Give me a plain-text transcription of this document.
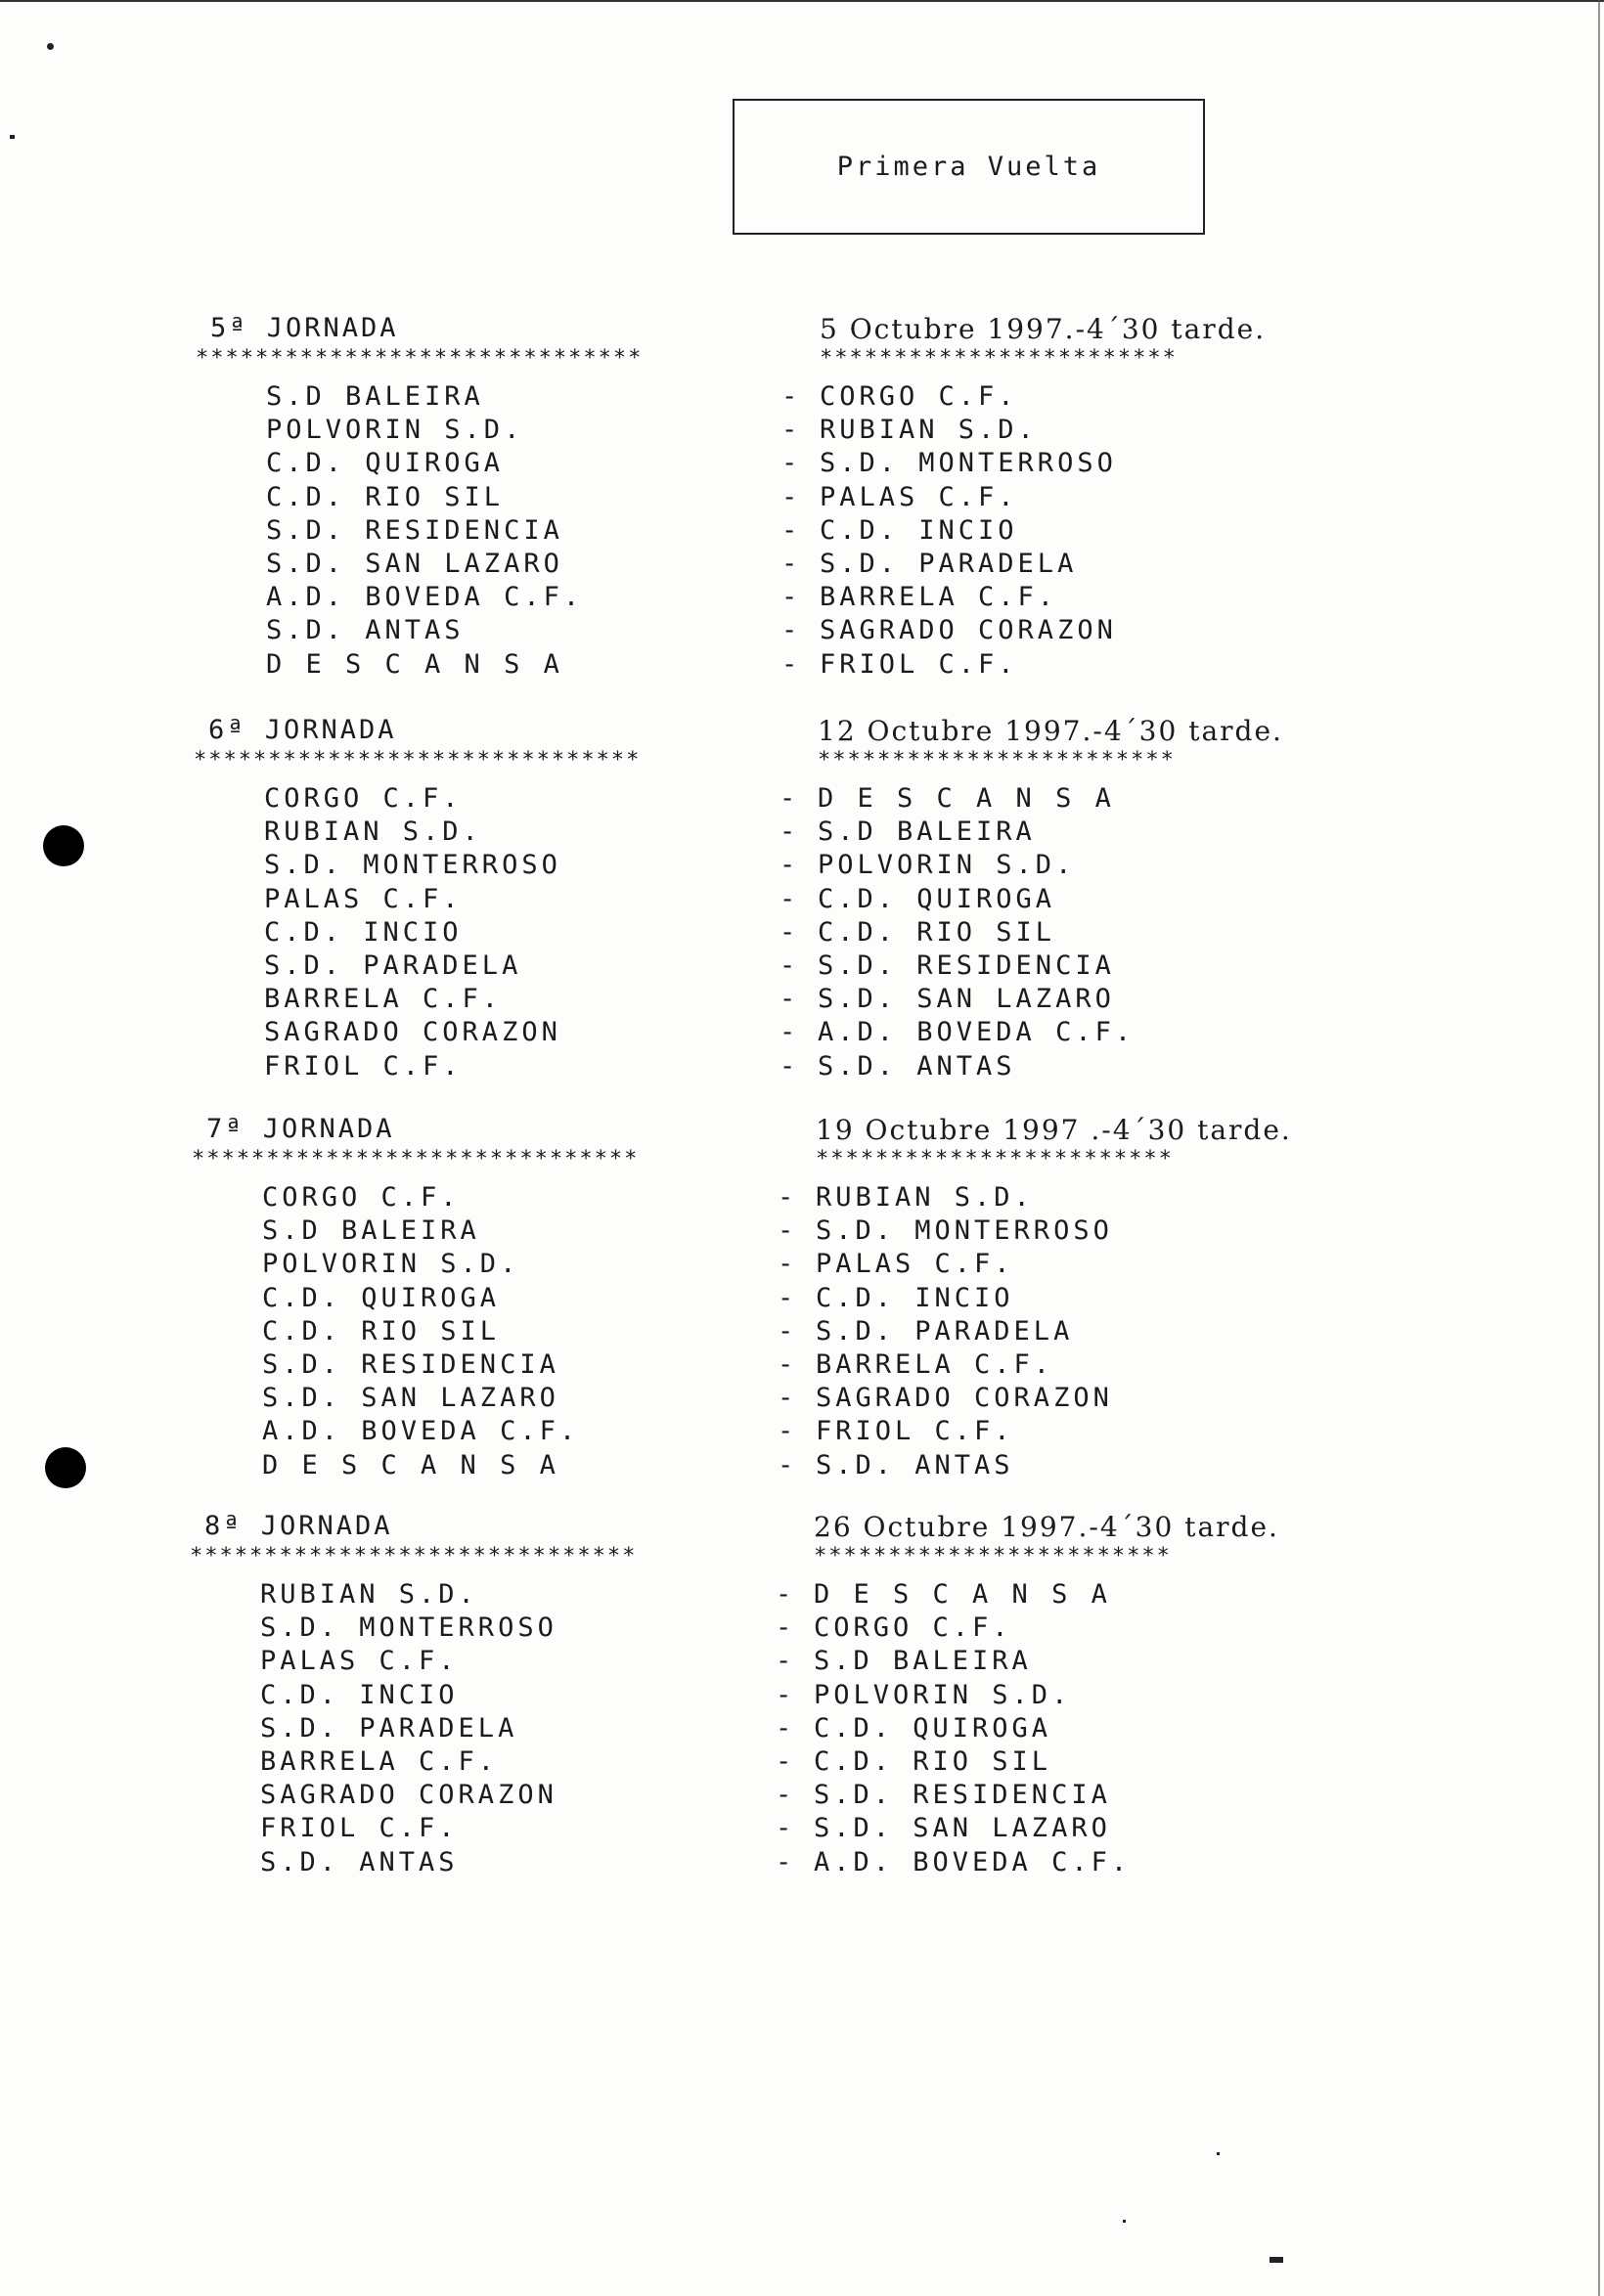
Primera Vuelta
5ª JORNADA	5 Octubre 1997.-4´30 tarde.
******************************	************************
S.D BALEIRA	- CORGO C.F.
POLVORIN S.D.	- RUBIAN S.D.
C.D. QUIROGA	- S.D. MONTERROSO
C.D. RIO SIL	- PALAS C.F.
S.D. RESIDENCIA	- C.D. INCIO
S.D. SAN LAZARO	- S.D. PARADELA
A.D. BOVEDA C.F.	- BARRELA C.F.
S.D. ANTAS	- SAGRADO CORAZON
D E S C A N S A	- FRIOL C.F.
6ª JORNADA	12 Octubre 1997.-4´30 tarde.
******************************	************************
CORGO C.F.	- D E S C A N S A
RUBIAN S.D.	- S.D BALEIRA
S.D. MONTERROSO	- POLVORIN S.D.
PALAS C.F.	- C.D. QUIROGA
C.D. INCIO	- C.D. RIO SIL
S.D. PARADELA	- S.D. RESIDENCIA
BARRELA C.F.	- S.D. SAN LAZARO
SAGRADO CORAZON	- A.D. BOVEDA C.F.
FRIOL C.F.	- S.D. ANTAS
7ª JORNADA	19 Octubre 1997 .-4´30 tarde.
******************************	************************
CORGO C.F.	- RUBIAN S.D.
S.D BALEIRA	- S.D. MONTERROSO
POLVORIN S.D.	- PALAS C.F.
C.D. QUIROGA	- C.D. INCIO
C.D. RIO SIL	- S.D. PARADELA
S.D. RESIDENCIA	- BARRELA C.F.
S.D. SAN LAZARO	- SAGRADO CORAZON
A.D. BOVEDA C.F.	- FRIOL C.F.
D E S C A N S A	- S.D. ANTAS
8ª JORNADA	26 Octubre 1997.-4´30 tarde.
******************************	************************
RUBIAN S.D.	- D E S C A N S A
S.D. MONTERROSO	- CORGO C.F.
PALAS C.F.	- S.D BALEIRA
C.D. INCIO	- POLVORIN S.D.
S.D. PARADELA	- C.D. QUIROGA
BARRELA C.F.	- C.D. RIO SIL
SAGRADO CORAZON	- S.D. RESIDENCIA
FRIOL C.F.	- S.D. SAN LAZARO
S.D. ANTAS	- A.D. BOVEDA C.F.
